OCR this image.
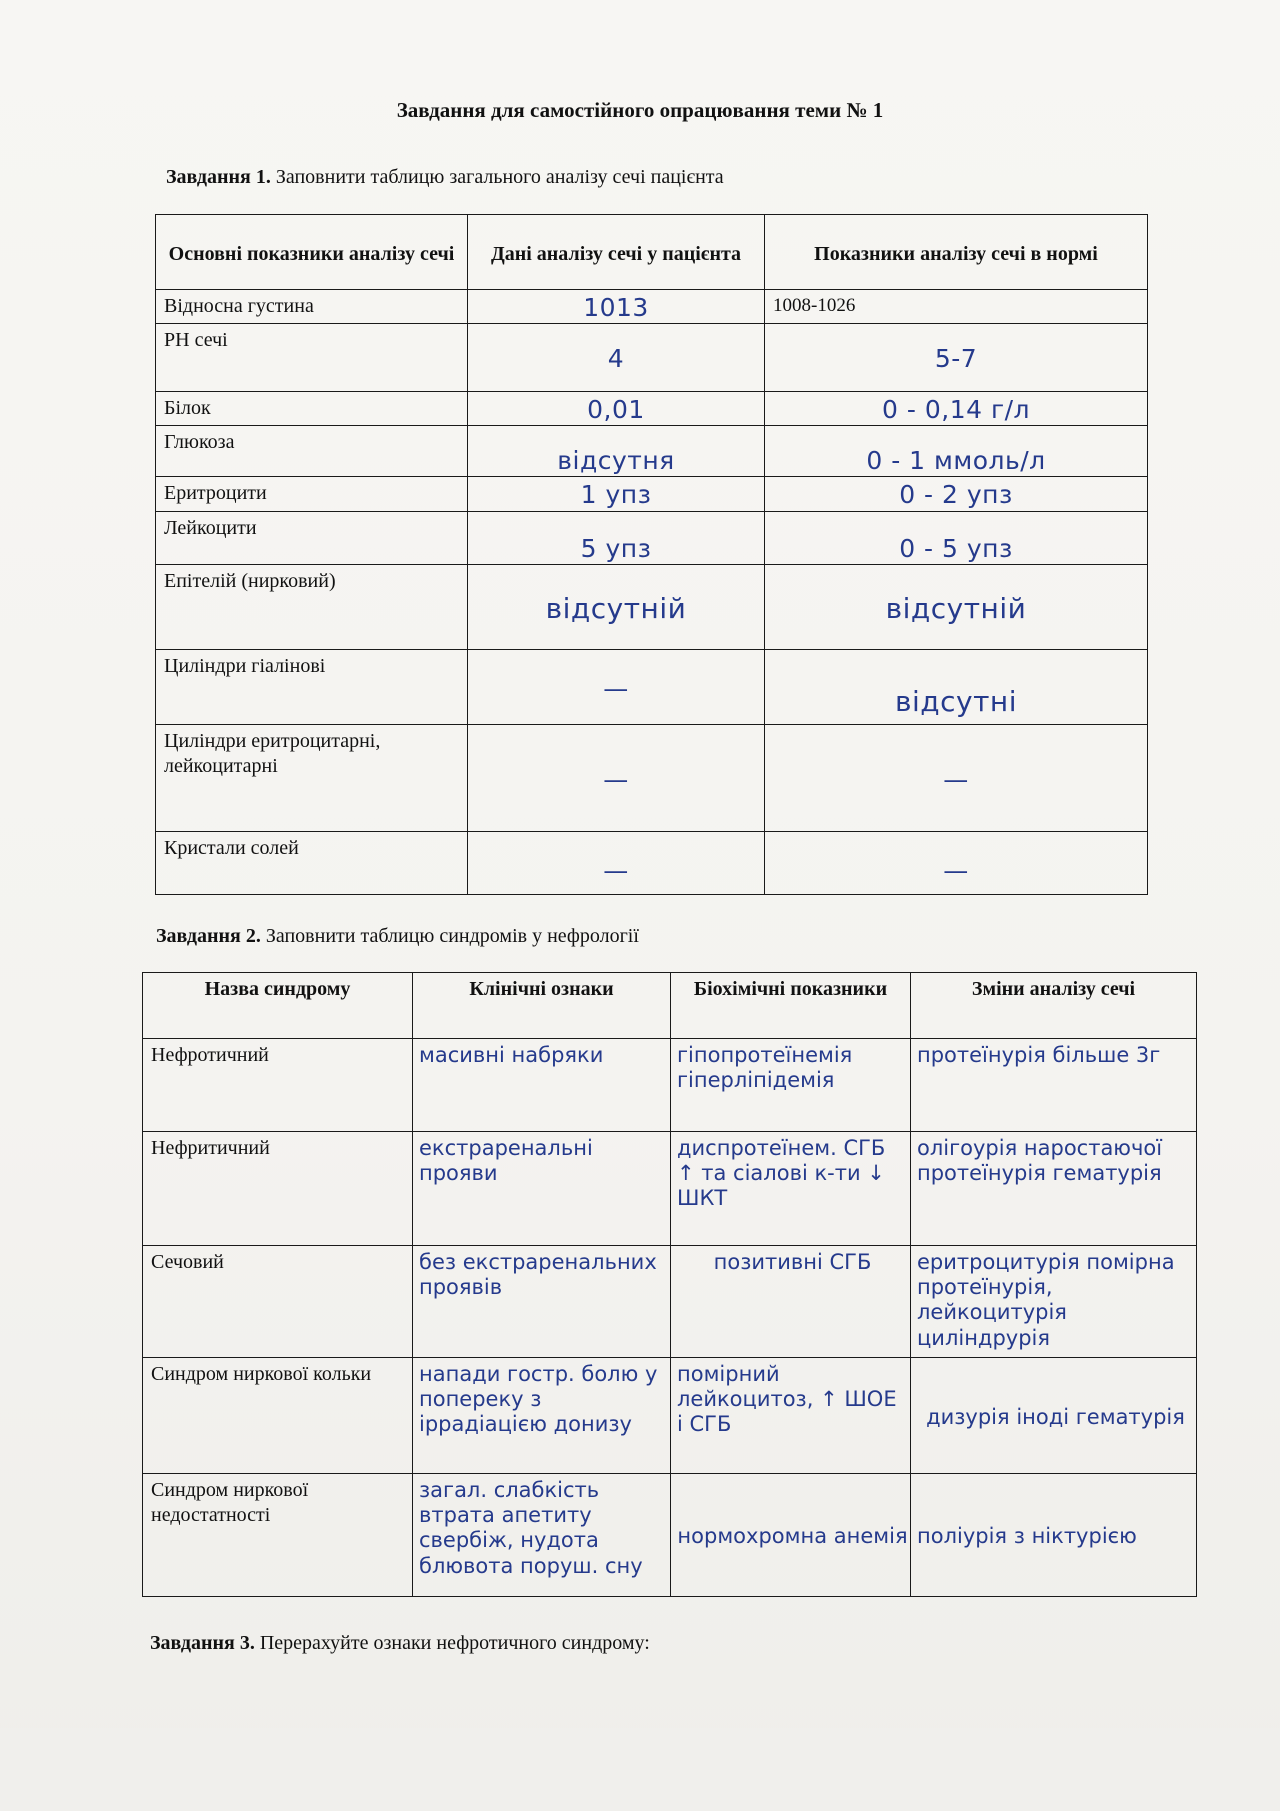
Завдання для самостійного опрацювання теми № 1
Завдання 1. Заповнити таблицю загального аналізу сечі пацієнта
Основні показники аналізу сечі	Дані аналізу сечі у пацієнта	Показники аналізу сечі в нормі
Відносна густина	1013	1008-1026
PH сечі	4	5-7
Білок	0,01	0 - 0,14 г/л
Глюкоза	відсутня	0 - 1 ммоль/л
Еритроцити	1 упз	0 - 2 упз
Лейкоцити	5 упз	0 - 5 упз
Епітелій (нирковий)	відсутній	відсутній
Циліндри гіалінові	—	відсутні
Циліндри еритроцитарні, лейкоцитарні	—	—
Кристали солей	—	—
Завдання 2. Заповнити таблицю синдромів у нефрології
Назва синдрому	Клінічні ознаки	Біохімічні показники	Зміни аналізу сечі
Нефротичний	масивні набряки	гіпопротеїнемія гіперліпідемія	протеїнурія більше 3г
Нефритичний	екстраренальні прояви	диспротеїнем. СГБ ↑ та сіалові к-ти ↓ ШКТ	олігоурія наростаючої протеїнурія гематурія
Сечовий	без екстраренальних проявів	позитивні СГБ	еритроцитурія помірна протеїнурія, лейкоцитурія циліндрурія
Синдром ниркової кольки	напади гостр. болю у попереку з іррадіацією донизу	помірний лейкоцитоз, ↑ ШОЕ і СГБ	дизурія іноді гематурія
Синдром ниркової недостатності	загал. слабкість втрата апетиту свербіж, нудота блювота поруш. сну	нормохромна анемія	поліурія з ніктурією
Завдання 3. Перерахуйте ознаки нефротичного синдрому:
